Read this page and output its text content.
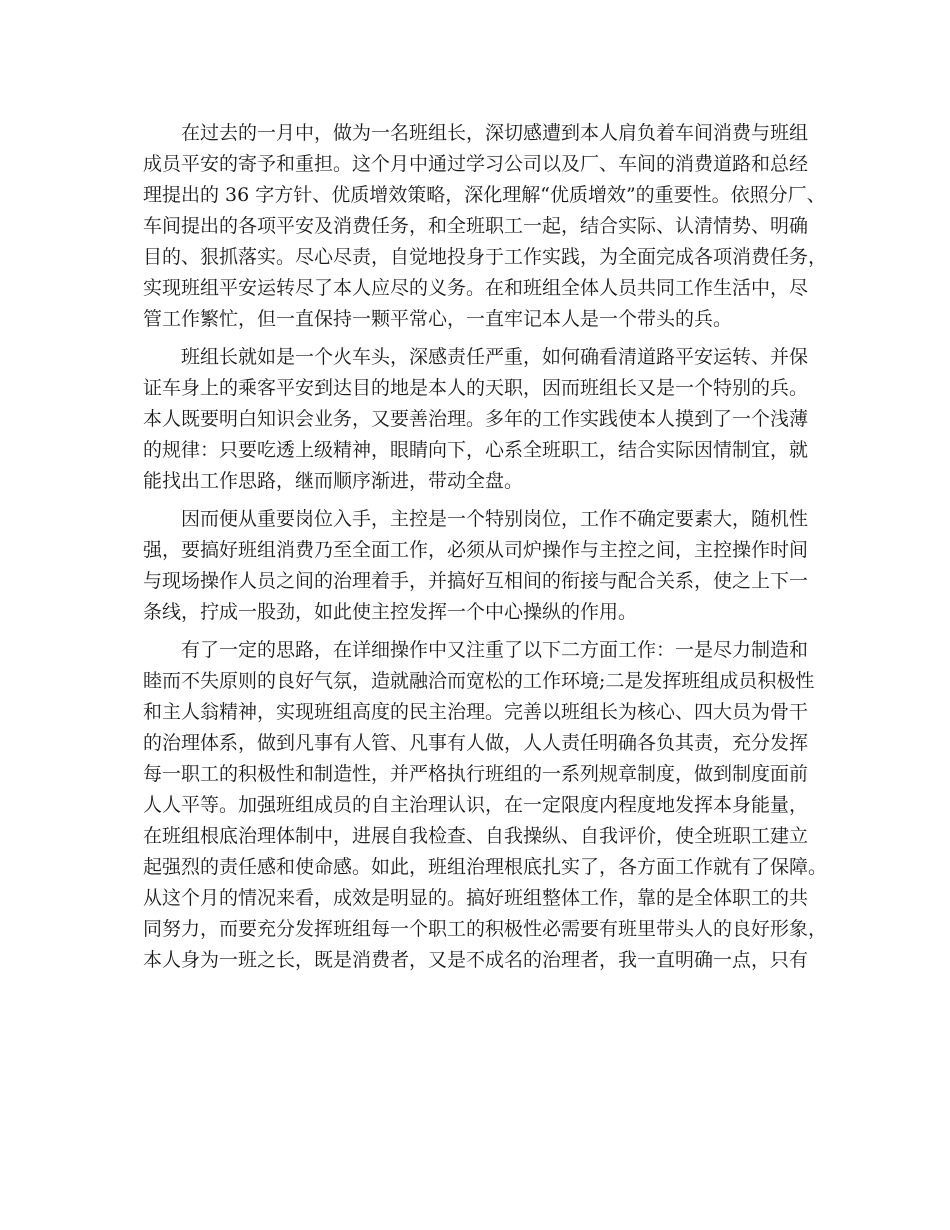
在过去的一月中，做为一名班组长，深切感遭到本人肩负着车间消费与班组
成员平安的寄予和重担。这个月中通过学习公司以及厂、车间的消费道路和总经
理提出的 36 字方针、优质增效策略，深化理解“优质增效”的重要性。依照分厂、
车间提出的各项平安及消费任务，和全班职工一起，结合实际、认清情势、明确
目的、狠抓落实。尽心尽责，自觉地投身于工作实践，为全面完成各项消费任务，
实现班组平安运转尽了本人应尽的义务。在和班组全体人员共同工作生活中，尽
管工作繁忙，但一直保持一颗平常心，一直牢记本人是一个带头的兵。
班组长就如是一个火车头，深感责任严重，如何确看清道路平安运转、并保
证车身上的乘客平安到达目的地是本人的天职，因而班组长又是一个特别的兵。
本人既要明白知识会业务，又要善治理。多年的工作实践使本人摸到了一个浅薄
的规律：只要吃透上级精神，眼睛向下，心系全班职工，结合实际因情制宜，就
能找出工作思路，继而顺序渐进，带动全盘。
因而便从重要岗位入手，主控是一个特别岗位，工作不确定要素大，随机性
强，要搞好班组消费乃至全面工作，必须从司炉操作与主控之间，主控操作时间
与现场操作人员之间的治理着手，并搞好互相间的衔接与配合关系，使之上下一
条线，拧成一股劲，如此使主控发挥一个中心操纵的作用。
有了一定的思路，在详细操作中又注重了以下二方面工作：一是尽力制造和
睦而不失原则的良好气氛，造就融洽而宽松的工作环境;二是发挥班组成员积极性
和主人翁精神，实现班组高度的民主治理。完善以班组长为核心、四大员为骨干
的治理体系，做到凡事有人管、凡事有人做，人人责任明确各负其责，充分发挥
每一职工的积极性和制造性，并严格执行班组的一系列规章制度，做到制度面前
人人平等。加强班组成员的自主治理认识，在一定限度内程度地发挥本身能量，
在班组根底治理体制中，进展自我检查、自我操纵、自我评价，使全班职工建立
起强烈的责任感和使命感。如此，班组治理根底扎实了，各方面工作就有了保障。
从这个月的情况来看，成效是明显的。搞好班组整体工作，靠的是全体职工的共
同努力，而要充分发挥班组每一个职工的积极性必需要有班里带头人的良好形象，
本人身为一班之长，既是消费者，又是不成名的治理者，我一直明确一点，只有
